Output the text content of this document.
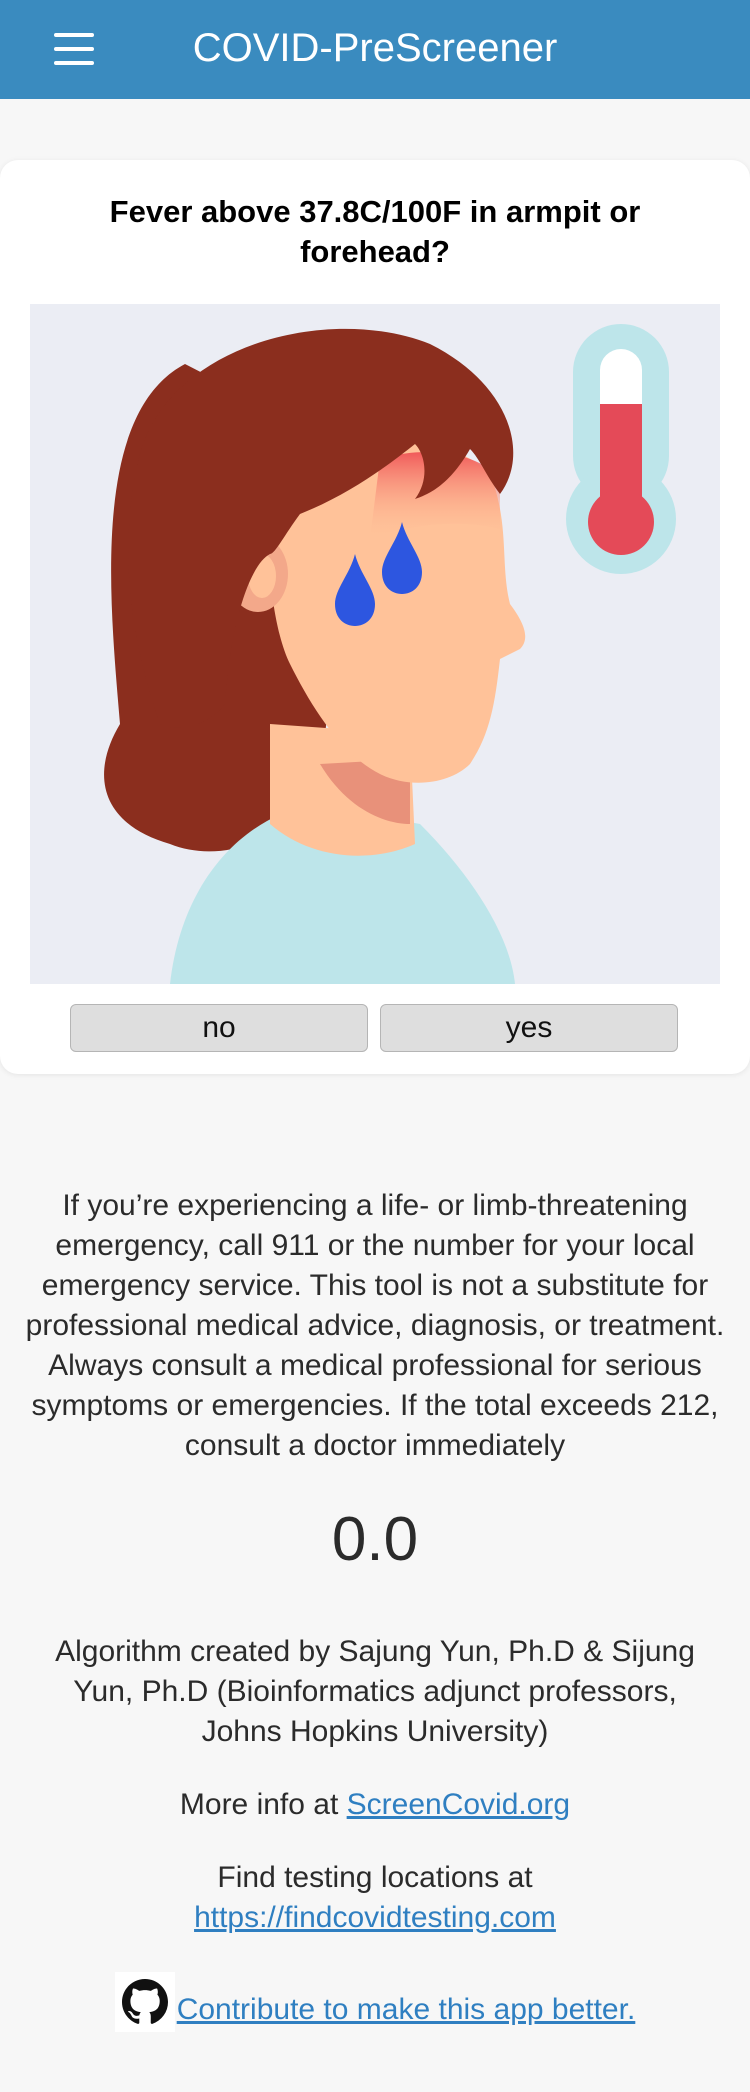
COVID-PreScreener
Fever above 37.8C/100F in armpit or forehead?
no	yes

If you’re experiencing a life- or limb-threatening emergency, call 911 or the number for your local emergency service. This tool is not a substitute for professional medical advice, diagnosis, or treatment. Always consult a medical professional for serious symptoms or emergencies. If the total exceeds 212, consult a doctor immediately

0.0

Algorithm created by Sajung Yun, Ph.D & Sijung Yun, Ph.D (Bioinformatics adjunct professors, Johns Hopkins University)

More info at ScreenCovid.org

Find testing locations at
https://findcovidtesting.com

Contribute to make this app better.
